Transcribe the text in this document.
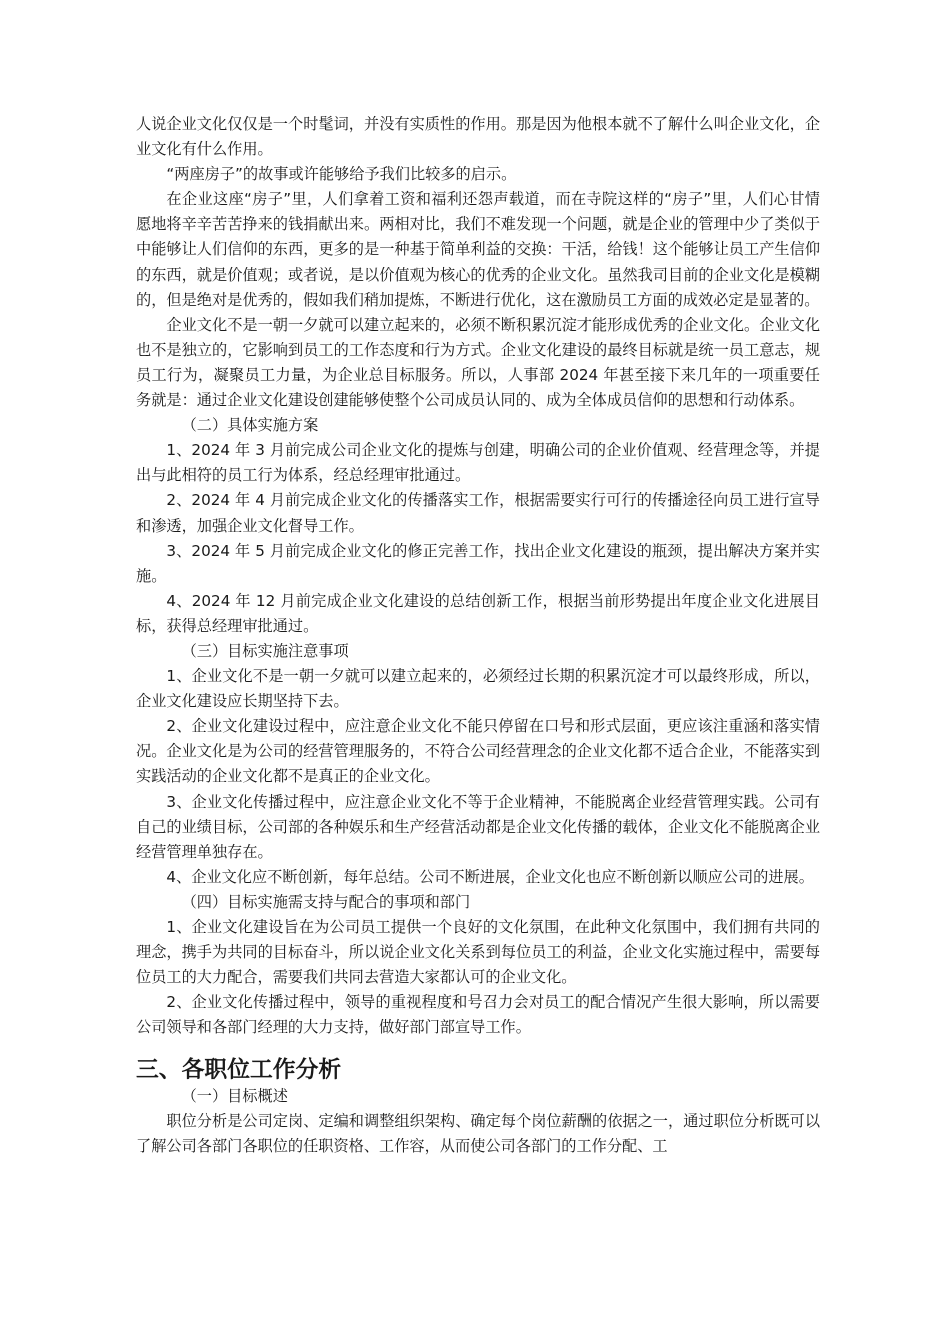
人说企业文化仅仅是一个时髦词，并没有实质性的作用。那是因为他根本就不了解什么叫企业文化，企业文化有什么作用。

“两座房子”的故事或许能够给予我们比较多的启示。

在企业这座“房子”里，人们拿着工资和福利还怨声载道，而在寺院这样的“房子”里，人们心甘情愿地将辛辛苦苦挣来的钱捐献出来。两相对比，我们不难发现一个问题，就是企业的管理中少了类似于中能够让人们信仰的东西，更多的是一种基于简单利益的交换：干活，给钱！这个能够让员工产生信仰的东西，就是价值观；或者说，是以价值观为核心的优秀的企业文化。虽然我司目前的企业文化是模糊的，但是绝对是优秀的，假如我们稍加提炼，不断进行优化，这在激励员工方面的成效必定是显著的。

企业文化不是一朝一夕就可以建立起来的，必须不断积累沉淀才能形成优秀的企业文化。企业文化也不是独立的，它影响到员工的工作态度和行为方式。企业文化建设的最终目标就是统一员工意志，规员工行为，凝聚员工力量，为企业总目标服务。所以，人事部 2024 年甚至接下来几年的一项重要任务就是：通过企业文化建设创建能够使整个公司成员认同的、成为全体成员信仰的思想和行动体系。

（二）具体实施方案

1、2024 年 3 月前完成公司企业文化的提炼与创建，明确公司的企业价值观、经营理念等，并提出与此相符的员工行为体系，经总经理审批通过。

2、2024 年 4 月前完成企业文化的传播落实工作，根据需要实行可行的传播途径向员工进行宣导和渗透，加强企业文化督导工作。

3、2024 年 5 月前完成企业文化的修正完善工作，找出企业文化建设的瓶颈，提出解决方案并实施。

4、2024 年 12 月前完成企业文化建设的总结创新工作，根据当前形势提出年度企业文化进展目标，获得总经理审批通过。

（三）目标实施注意事项

1、企业文化不是一朝一夕就可以建立起来的，必须经过长期的积累沉淀才可以最终形成，所以，企业文化建设应长期坚持下去。

2、企业文化建设过程中，应注意企业文化不能只停留在口号和形式层面，更应该注重涵和落实情况。企业文化是为公司的经营管理服务的，不符合公司经营理念的企业文化都不适合企业，不能落实到实践活动的企业文化都不是真正的企业文化。

3、企业文化传播过程中，应注意企业文化不等于企业精神，不能脱离企业经营管理实践。公司有自己的业绩目标，公司部的各种娱乐和生产经营活动都是企业文化传播的载体，企业文化不能脱离企业经营管理单独存在。

4、企业文化应不断创新，每年总结。公司不断进展，企业文化也应不断创新以顺应公司的进展。

（四）目标实施需支持与配合的事项和部门

1、企业文化建设旨在为公司员工提供一个良好的文化氛围，在此种文化氛围中，我们拥有共同的理念，携手为共同的目标奋斗，所以说企业文化关系到每位员工的利益，企业文化实施过程中，需要每位员工的大力配合，需要我们共同去营造大家都认可的企业文化。

2、企业文化传播过程中，领导的重视程度和号召力会对员工的配合情况产生很大影响，所以需要公司领导和各部门经理的大力支持，做好部门部宣导工作。

三、各职位工作分析

（一）目标概述

职位分析是公司定岗、定编和调整组织架构、确定每个岗位薪酬的依据之一，通过职位分析既可以了解公司各部门各职位的任职资格、工作容，从而使公司各部门的工作分配、工
